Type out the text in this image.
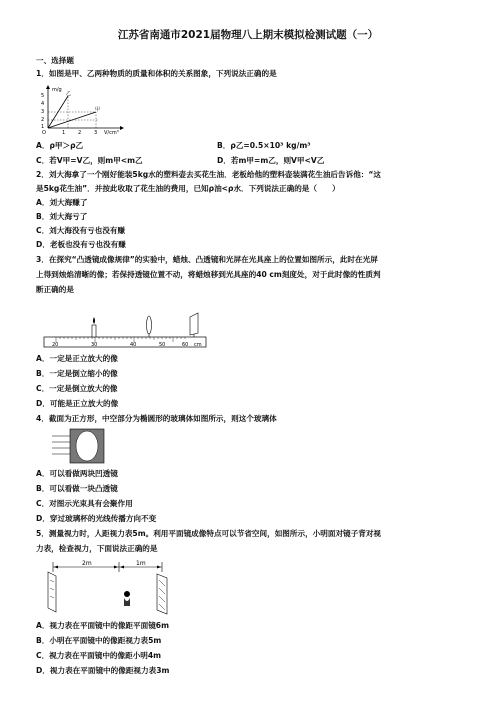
江苏省南通市2021届物理八上期末模拟检测试题（一）
一、选择题
1．如图是甲、乙两种物质的质量和体积的关系图象，下列说法正确的是
m/g
5
4
3
2
1
O	1	2	3 V/cm³
乙
甲
A．ρ甲＞ρ乙	B．ρ乙=0.5×10³ kg/m³
C．若V甲=V乙，则m甲<m乙	D．若m甲=m乙，则V甲<V乙
2．刘大海拿了一个刚好能装5kg水的塑料壶去买花生油．老板给他的塑料壶装满花生油后告诉他：“这
是5kg花生油”．并按此收取了花生油的费用，已知ρ油<ρ水．下列说法正确的是（　　）
A．刘大海赚了
B．刘大海亏了
C．刘大海没有亏也没有赚
D．老板也没有亏也没有赚
3．在探究“凸透镜成像规律”的实验中，蜡烛、凸透镜和光屏在光具座上的位置如图所示，此时在光屏
上得到烛焰清晰的像；若保持透镜位置不动，将蜡烛移到光具座的40 cm刻度处，对于此时像的性质判
断正确的是
20	30	40	50	60 cm
A．一定是正立放大的像
B．一定是倒立缩小的像
C．一定是倒立放大的像
D．可能是正立放大的像
4．截面为正方形，中空部分为椭圆形的玻璃体如图所示，则这个玻璃体
A．可以看做两块凹透镜
B．可以看做一块凸透镜
C．对图示光束具有会聚作用
D．穿过玻璃杯的光线传播方向不变
5．测量视力时，人距视力表5m。利用平面镜成像特点可以节省空间，如图所示，小明面对镜子背对视
力表，检查视力，下面说法正确的是
2m	1m
A．视力表在平面镜中的像距平面镜6m
B．小明在平面镜中的像距视力表5m
C．视力表在平面镜中的像距小明4m
D．视力表在平面镜中的像距视力表3m
